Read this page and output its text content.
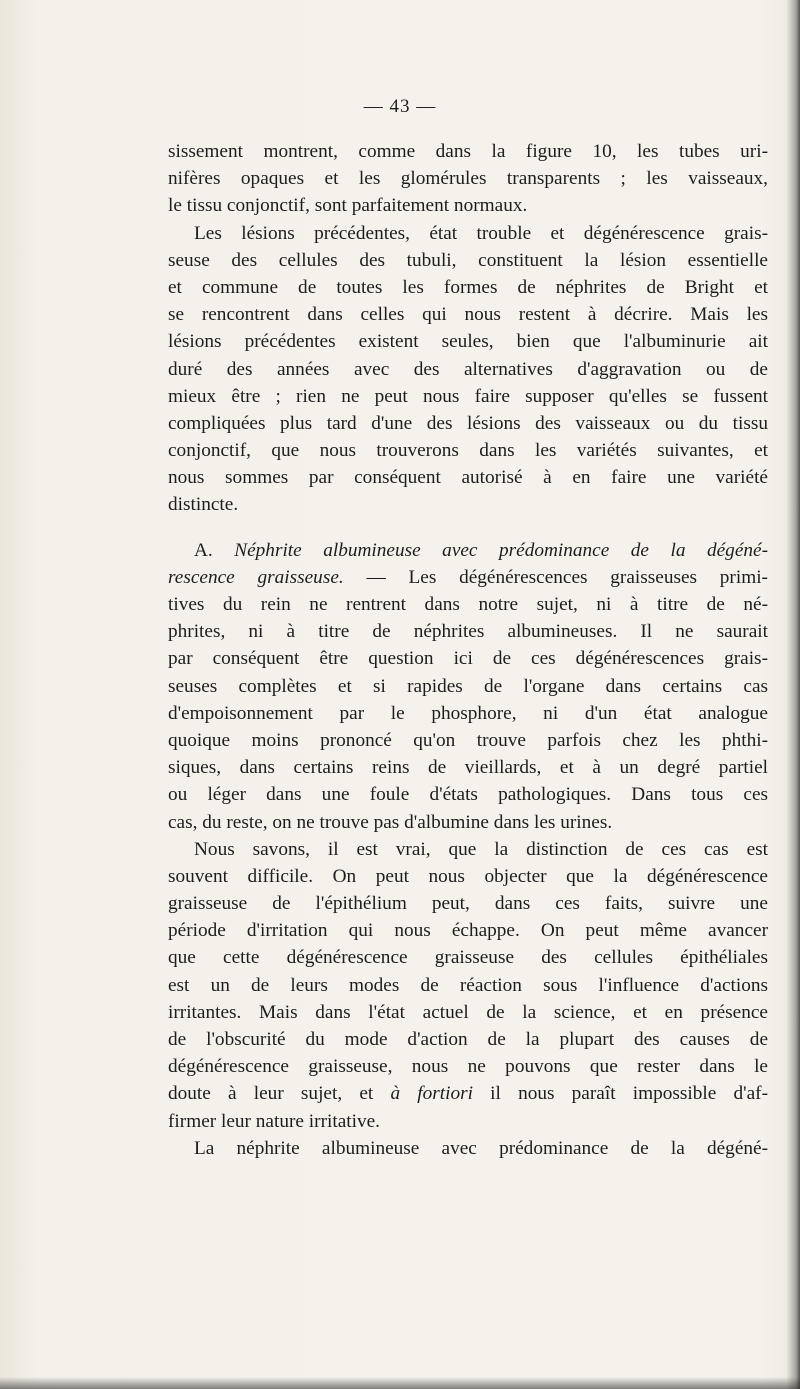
— 43 —
sissement montrent, comme dans la figure 10, les tubes uri-
nifères opaques et les glomérules transparents ; les vaisseaux,
le tissu conjonctif, sont parfaitement normaux.
Les lésions précédentes, état trouble et dégénérescence grais-
seuse des cellules des tubuli, constituent la lésion essentielle
et commune de toutes les formes de néphrites de Bright et
se rencontrent dans celles qui nous restent à décrire. Mais les
lésions précédentes existent seules, bien que l'albuminurie ait
duré des années avec des alternatives d'aggravation ou de
mieux être ; rien ne peut nous faire supposer qu'elles se fussent
compliquées plus tard d'une des lésions des vaisseaux ou du tissu
conjonctif, que nous trouverons dans les variétés suivantes, et
nous sommes par conséquent autorisé à en faire une variété
distincte.
A. Néphrite albumineuse avec prédominance de la dégéné-
rescence graisseuse. — Les dégénérescences graisseuses primi-
tives du rein ne rentrent dans notre sujet, ni à titre de né-
phrites, ni à titre de néphrites albumineuses. Il ne saurait
par conséquent être question ici de ces dégénérescences grais-
seuses complètes et si rapides de l'organe dans certains cas
d'empoisonnement par le phosphore, ni d'un état analogue
quoique moins prononcé qu'on trouve parfois chez les phthi-
siques, dans certains reins de vieillards, et à un degré partiel
ou léger dans une foule d'états pathologiques. Dans tous ces
cas, du reste, on ne trouve pas d'albumine dans les urines.
Nous savons, il est vrai, que la distinction de ces cas est
souvent difficile. On peut nous objecter que la dégénérescence
graisseuse de l'épithélium peut, dans ces faits, suivre une
période d'irritation qui nous échappe. On peut même avancer
que cette dégénérescence graisseuse des cellules épithéliales
est un de leurs modes de réaction sous l'influence d'actions
irritantes. Mais dans l'état actuel de la science, et en présence
de l'obscurité du mode d'action de la plupart des causes de
dégénérescence graisseuse, nous ne pouvons que rester dans le
doute à leur sujet, et à fortiori il nous paraît impossible d'af-
firmer leur nature irritative.
La néphrite albumineuse avec prédominance de la dégéné-
